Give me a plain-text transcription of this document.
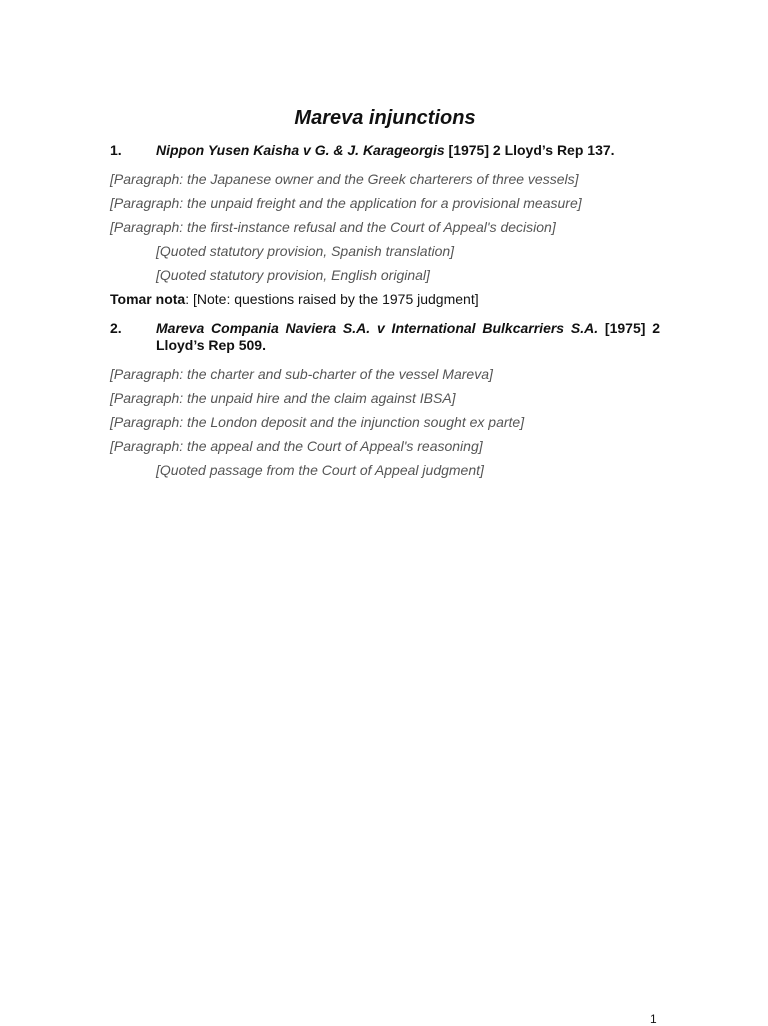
Mareva injunctions
1.	Nippon Yusen Kaisha v G. & J. Karageorgis [1975] 2 Lloyd’s Rep 137.

[Paragraph: the Japanese owner and the Greek charterers of three vessels]

[Paragraph: the unpaid freight and the application for a provisional measure]

[Paragraph: the first-instance refusal and the Court of Appeal's decision]

[Quoted statutory provision, Spanish translation]

[Quoted statutory provision, English original]

Tomar nota: [Note: questions raised by the 1975 judgment]

2.	Mareva Compania Naviera S.A. v International Bulkcarriers S.A. [1975] 2 Lloyd’s Rep 509.

[Paragraph: the charter and sub-charter of the vessel Mareva]

[Paragraph: the unpaid hire and the claim against IBSA]

[Paragraph: the London deposit and the injunction sought ex parte]

[Paragraph: the appeal and the Court of Appeal's reasoning]

[Quoted passage from the Court of Appeal judgment]

1
